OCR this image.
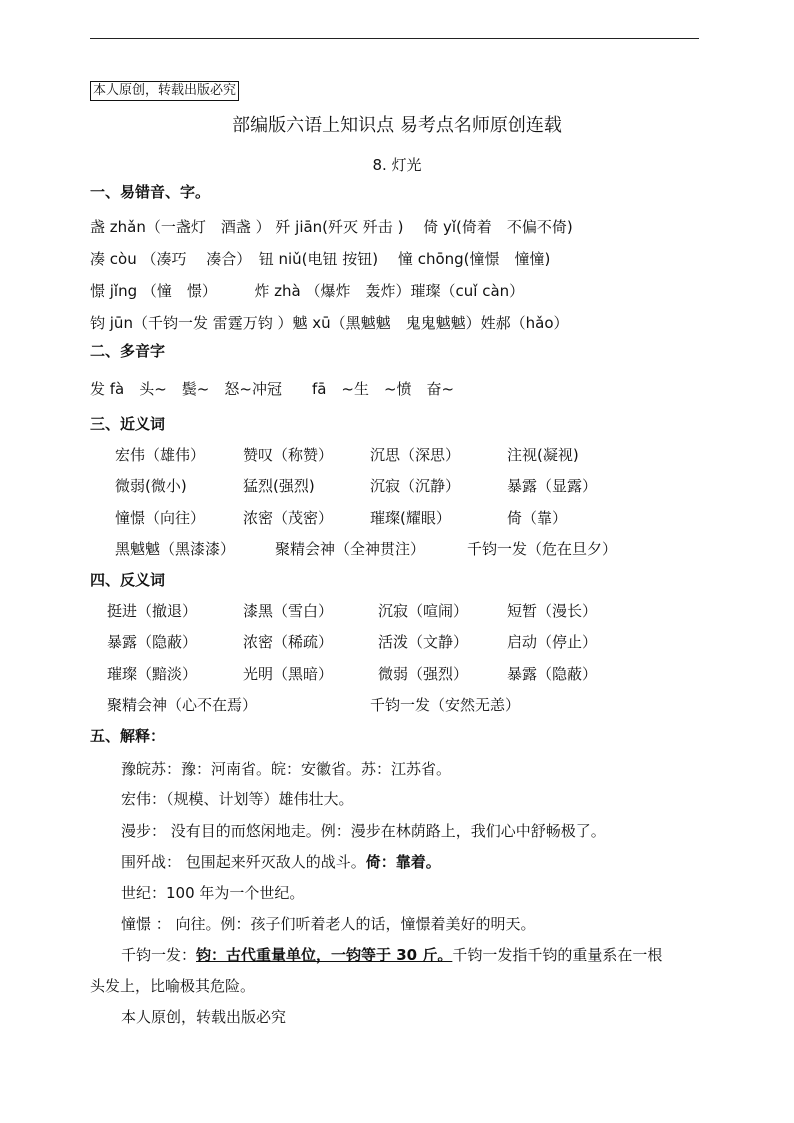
本人原创，转载出版必究
部编版六语上知识点 易考点名师原创连载
8. 灯光
一、易错音、字。
盏 zhǎn（一盏灯　酒盏 ） 歼 jiān(歼灭 歼击 )　 倚 yǐ(倚着　不偏不倚)
凑 còu （凑巧　 凑合）　钮 niǔ(电钮 按钮)　 憧 chōng(憧憬　憧憧)
憬 jǐng （憧　憬）　　　炸 zhà （爆炸　轰炸）璀璨（cuǐ càn）
钧 jūn（千钧一发 雷霆万钧 ）魆 xū（黑魆魆　鬼鬼魆魆）姓郝（hǎo）
二、多音字
发 fà　头~　鬓~　怒~冲冠　　fā　~生　~愤　奋~
三、近义词
宏伟（雄伟）	赞叹（称赞） 沉思（深思）	注视(凝视)
微弱(微小)	猛烈(强烈)	沉寂（沉静）	暴露（显露）
憧憬（向往）	浓密（茂密） 璀璨(耀眼）	倚（靠）
黑魆魆（黑漆漆）	聚精会神（全神贯注）	千钧一发（危在旦夕）
四、反义词
挺进（撤退）	漆黑（雪白）	沉寂（喧闹）	短暂（漫长）
暴露（隐蔽）	浓密（稀疏）	活泼（文静）	启动（停止）
璀璨（黯淡）	光明（黑暗）	微弱（强烈）	暴露（隐蔽）
聚精会神（心不在焉）	千钧一发（安然无恙）
五、解释：
豫皖苏：豫：河南省。皖：安徽省。苏：江苏省。
宏伟：（规模、计划等）雄伟壮大。
漫步： 没有目的而悠闲地走。例：漫步在林荫路上，我们心中舒畅极了。
围歼战： 包围起来歼灭敌人的战斗。倚：靠着。
世纪：100 年为一个世纪。
憧憬 ： 向往。例：孩子们听着老人的话，憧憬着美好的明天。
千钧一发：钧：古代重量单位，一钧等于 30 斤。千钧一发指千钧的重量系在一根
头发上，比喻极其危险。
本人原创，转载出版必究
